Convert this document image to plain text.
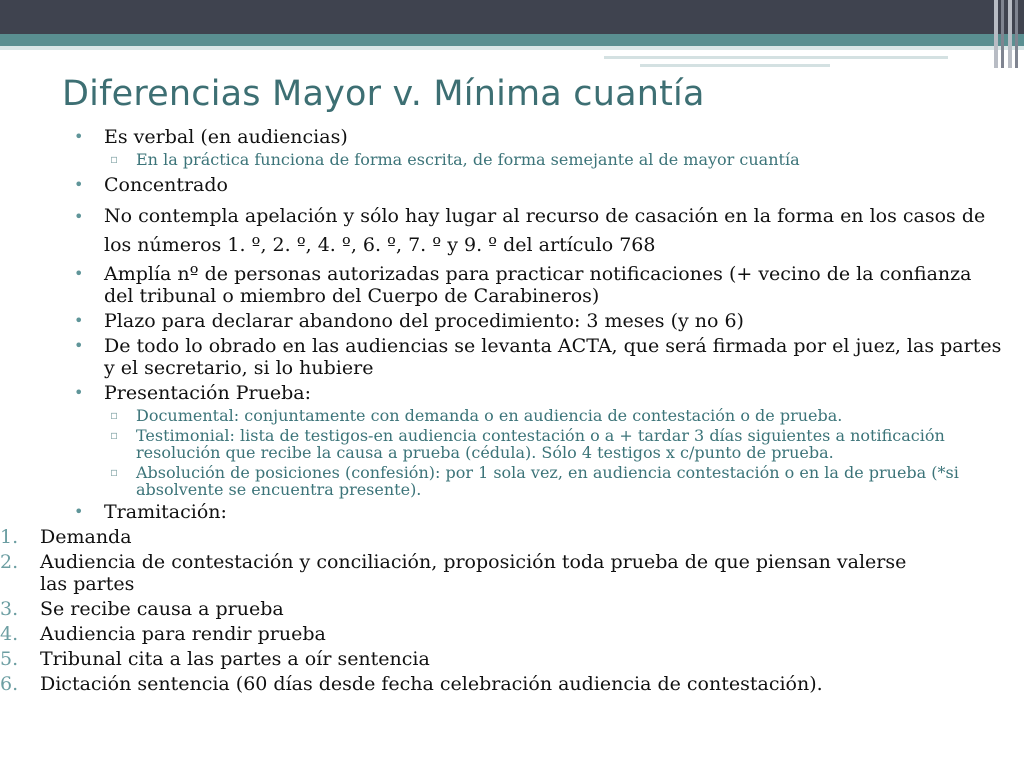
Diferencias Mayor v. Mínima cuantía
• Es verbal (en audiencias)
▫ En la práctica funciona de forma escrita, de forma semejante al de mayor cuantía
• Concentrado
• No contempla apelación y sólo hay lugar al recurso de casación en la forma en los casos de los números 1. º, 2. º, 4. º, 6. º, 7. º y 9. º del artículo 768
• Amplía nº de personas autorizadas para practicar notificaciones (+ vecino de la confianza del tribunal o miembro del Cuerpo de Carabineros)
• Plazo para declarar abandono del procedimiento: 3 meses (y no 6)
• De todo lo obrado en las audiencias se levanta ACTA, que será firmada por el juez, las partes y el secretario, si lo hubiere
• Presentación Prueba:
▫ Documental: conjuntamente con demanda o en audiencia de contestación o de prueba.
▫ Testimonial: lista de testigos-en audiencia contestación o a + tardar 3 días siguientes a notificación resolución que recibe la causa a prueba (cédula). Sólo 4 testigos x c/punto de prueba.
▫ Absolución de posiciones (confesión): por 1 sola vez, en audiencia contestación o en la de prueba (*si absolvente se encuentra presente).
• Tramitación:
1. Demanda
2. Audiencia de contestación y conciliación, proposición toda prueba de que piensan valerse las partes
3. Se recibe causa a prueba
4. Audiencia para rendir prueba
5. Tribunal cita a las partes a oír sentencia
6. Dictación sentencia (60 días desde fecha celebración audiencia de contestación).
